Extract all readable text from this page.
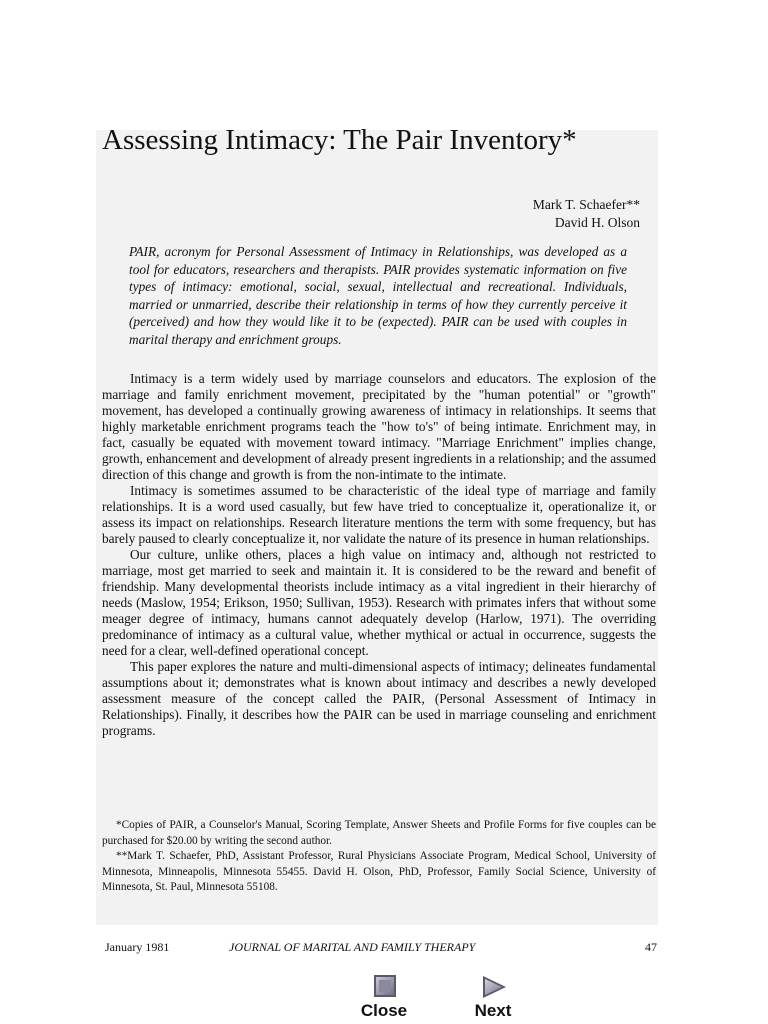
Assessing Intimacy: The Pair Inventory*
Mark T. Schaefer**
David H. Olson

PAIR, acronym for Personal Assessment of Intimacy in Relationships, was developed as a tool for educators, researchers and therapists. PAIR provides systematic information on five types of intimacy: emotional, social, sexual, intellectual and recreational. Individuals, married or unmarried, describe their relationship in terms of how they currently perceive it (perceived) and how they would like it to be (expected). PAIR can be used with couples in marital therapy and enrichment groups.

Intimacy is a term widely used by marriage counselors and educators. The explosion of the marriage and family enrichment movement, precipitated by the "human potential" or "growth" movement, has developed a continually growing awareness of intimacy in relationships. It seems that highly marketable enrichment programs teach the "how to's" of being intimate. Enrichment may, in fact, casually be equated with movement toward intimacy. "Marriage Enrichment" implies change, growth, enhancement and development of already present ingredients in a relationship; and the assumed direction of this change and growth is from the non-intimate to the intimate.

Intimacy is sometimes assumed to be characteristic of the ideal type of marriage and family relationships. It is a word used casually, but few have tried to conceptualize it, operationalize it, or assess its impact on relationships. Research literature mentions the term with some frequency, but has barely paused to clearly conceptualize it, nor validate the nature of its presence in human relationships.

Our culture, unlike others, places a high value on intimacy and, although not restricted to marriage, most get married to seek and maintain it. It is considered to be the reward and benefit of friendship. Many developmental theorists include intimacy as a vital ingredient in their hierarchy of needs (Maslow, 1954; Erikson, 1950; Sullivan, 1953). Research with primates infers that without some meager degree of intimacy, humans cannot adequately develop (Harlow, 1971). The overriding predominance of intimacy as a cultural value, whether mythical or actual in occurrence, suggests the need for a clear, well-defined operational concept.

This paper explores the nature and multi-dimensional aspects of intimacy; delineates fundamental assumptions about it; demonstrates what is known about intimacy and describes a newly developed assessment measure of the concept called the PAIR, (Personal Assessment of Intimacy in Relationships). Finally, it describes how the PAIR can be used in marriage counseling and enrichment programs.

*Copies of PAIR, a Counselor's Manual, Scoring Template, Answer Sheets and Profile Forms for five couples can be purchased for $20.00 by writing the second author.

**Mark T. Schaefer, PhD, Assistant Professor, Rural Physicians Associate Program, Medical School, University of Minnesota, Minneapolis, Minnesota 55455. David H. Olson, PhD, Professor, Family Social Science, University of Minnesota, St. Paul, Minnesota 55108.

January 1981	JOURNAL OF MARITAL AND FAMILY THERAPY	47
Close	Next
